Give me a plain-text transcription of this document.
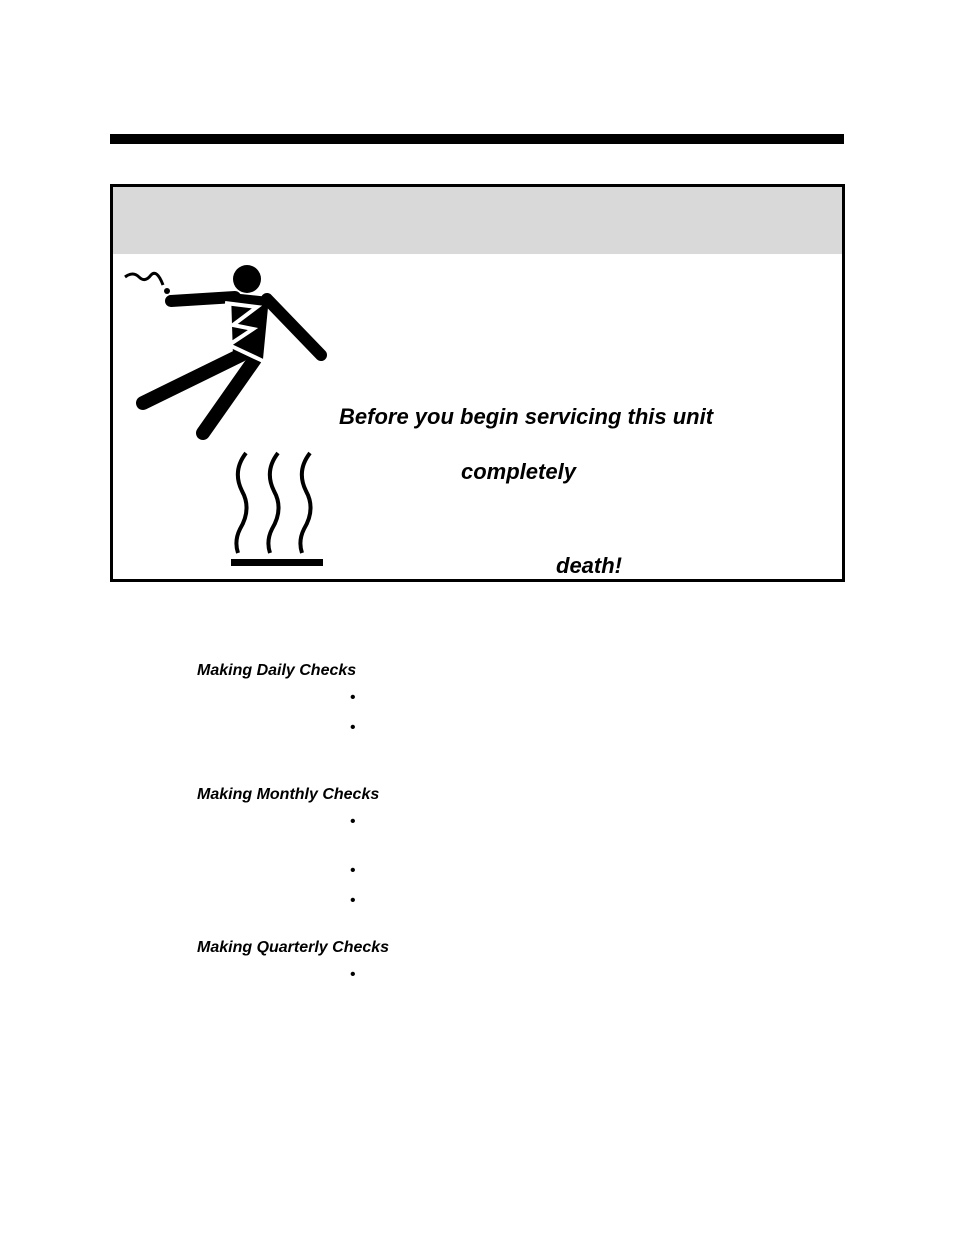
Before you begin servicing this unit
completely
death!
Making Daily Checks
•
•
Making Monthly Checks
•
•
•
Making Quarterly Checks
•
